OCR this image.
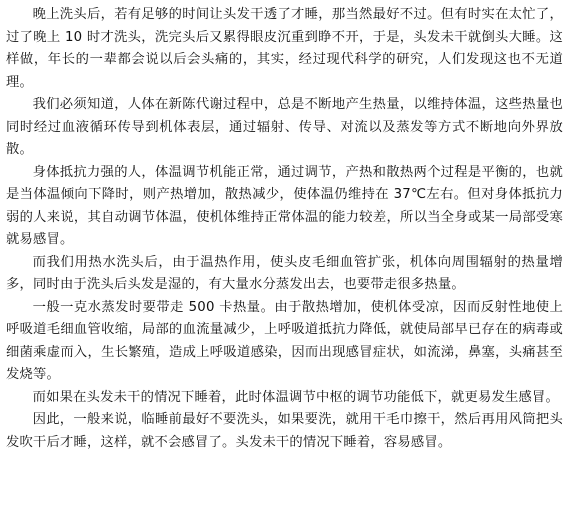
晚上洗头后，若有足够的时间让头发干透了才睡，那当然最好不过。但有时实在太忙了，过了晚上 10 时才洗头，洗完头后又累得眼皮沉重到睁不开，于是，头发未干就倒头大睡。这样做，年长的一辈都会说以后会头痛的，其实，经过现代科学的研究，人们发现这也不无道理。

我们必须知道，人体在新陈代谢过程中，总是不断地产生热量，以维持体温，这些热量也同时经过血液循环传导到机体表层，通过辐射、传导、对流以及蒸发等方式不断地向外界放散。

身体抵抗力强的人，体温调节机能正常，通过调节，产热和散热两个过程是平衡的，也就是当体温倾向下降时，则产热增加，散热减少，使体温仍维持在 37℃左右。但对身体抵抗力弱的人来说，其自动调节体温，使机体维持正常体温的能力较差，所以当全身或某一局部受寒就易感冒。

而我们用热水洗头后，由于温热作用，使头皮毛细血管扩张，机体向周围辐射的热量增多，同时由于洗头后头发是湿的，有大量水分蒸发出去，也要带走很多热量。

一般一克水蒸发时要带走 500 卡热量。由于散热增加，使机体受凉，因而反射性地使上呼吸道毛细血管收缩，局部的血流量减少，上呼吸道抵抗力降低，就使局部早已存在的病毒或细菌乘虚而入，生长繁殖，造成上呼吸道感染，因而出现感冒症状，如流涕，鼻塞，头痛甚至发烧等。

而如果在头发未干的情况下睡着，此时体温调节中枢的调节功能低下，就更易发生感冒。

因此，一般来说，临睡前最好不要洗头，如果要洗，就用干毛巾擦干，然后再用风筒把头发吹干后才睡，这样，就不会感冒了。头发未干的情况下睡着，容易感冒。
